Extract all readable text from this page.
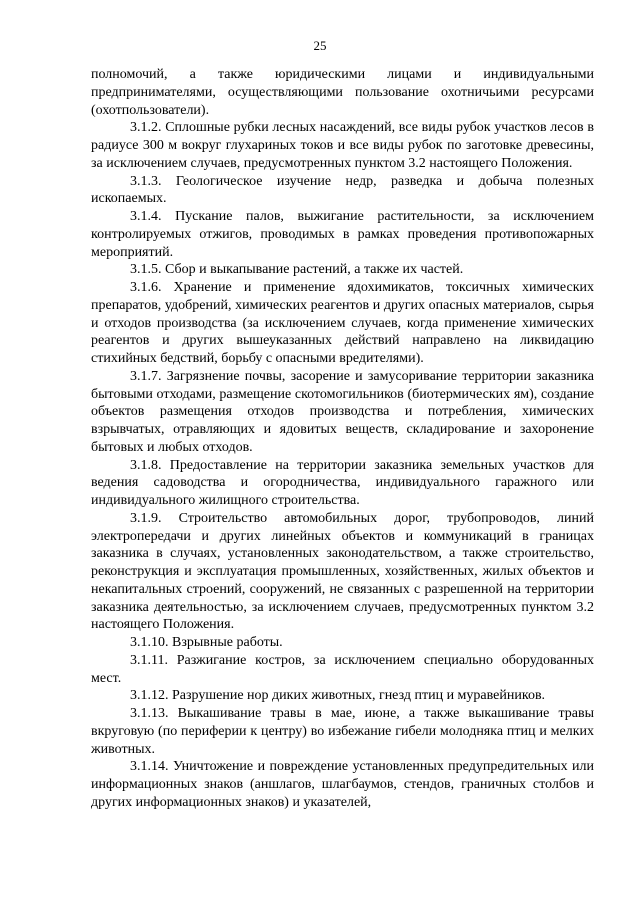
25

полномочий, а также юридическими лицами и индивидуальными предпринимателями, осуществляющими пользование охотничьими ресурсами (охотпользователи).

3.1.2. Сплошные рубки лесных насаждений, все виды рубок участков лесов в радиусе 300 м вокруг глухариных токов и все виды рубок по заготовке древесины, за исключением случаев, предусмотренных пунктом 3.2 настоящего Положения.

3.1.3. Геологическое изучение недр, разведка и добыча полезных ископаемых.

3.1.4. Пускание палов, выжигание растительности, за исключением контролируемых отжигов, проводимых в рамках проведения противопожарных мероприятий.

3.1.5. Сбор и выкапывание растений, а также их частей.

3.1.6. Хранение и применение ядохимикатов, токсичных химических препаратов, удобрений, химических реагентов и других опасных материалов, сырья и отходов производства (за исключением случаев, когда применение химических реагентов и других вышеуказанных действий направлено на ликвидацию стихийных бедствий, борьбу с опасными вредителями).

3.1.7. Загрязнение почвы, засорение и замусоривание территории заказника бытовыми отходами, размещение скотомогильников (биотермических ям), создание объектов размещения отходов производства и потребления, химических взрывчатых, отравляющих и ядовитых веществ, складирование и захоронение бытовых и любых отходов.

3.1.8. Предоставление на территории заказника земельных участков для ведения садоводства и огородничества, индивидуального гаражного или индивидуального жилищного строительства.

3.1.9. Строительство автомобильных дорог, трубопроводов, линий электропередачи и других линейных объектов и коммуникаций в границах заказника в случаях, установленных законодательством, а также строительство, реконструкция и эксплуатация промышленных, хозяйственных, жилых объектов и некапитальных строений, сооружений, не связанных с разрешенной на территории заказника деятельностью, за исключением случаев, предусмотренных пунктом 3.2 настоящего Положения.

3.1.10. Взрывные работы.

3.1.11. Разжигание костров, за исключением специально оборудованных мест.

3.1.12. Разрушение нор диких животных, гнезд птиц и муравейников.

3.1.13. Выкашивание травы в мае, июне, а также выкашивание травы вкруговую (по периферии к центру) во избежание гибели молодняка птиц и мелких животных.

3.1.14. Уничтожение и повреждение установленных предупредительных или информационных знаков (аншлагов, шлагбаумов, стендов, граничных столбов и других информационных знаков) и указателей,
